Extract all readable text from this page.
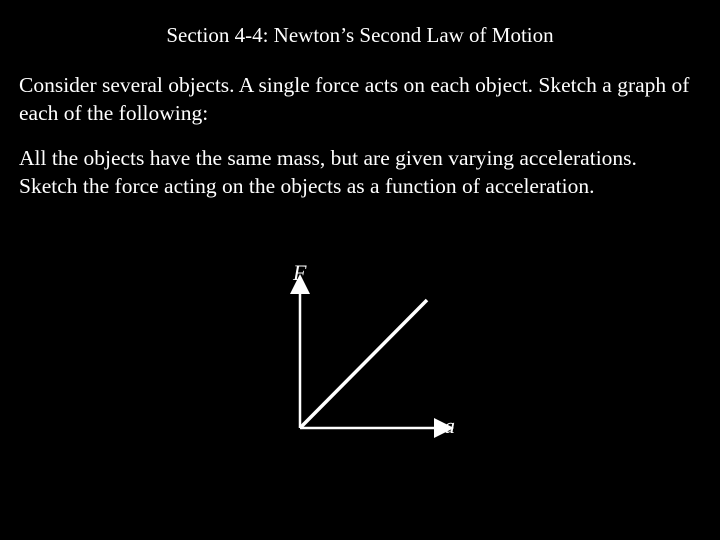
Section 4-4: Newton’s Second Law of Motion
Consider several objects. A single force acts on each object. Sketch a graph of each of the following:
All the objects have the same mass, but are given varying accelerations. Sketch the force acting on the objects as a function of acceleration.
F
a
